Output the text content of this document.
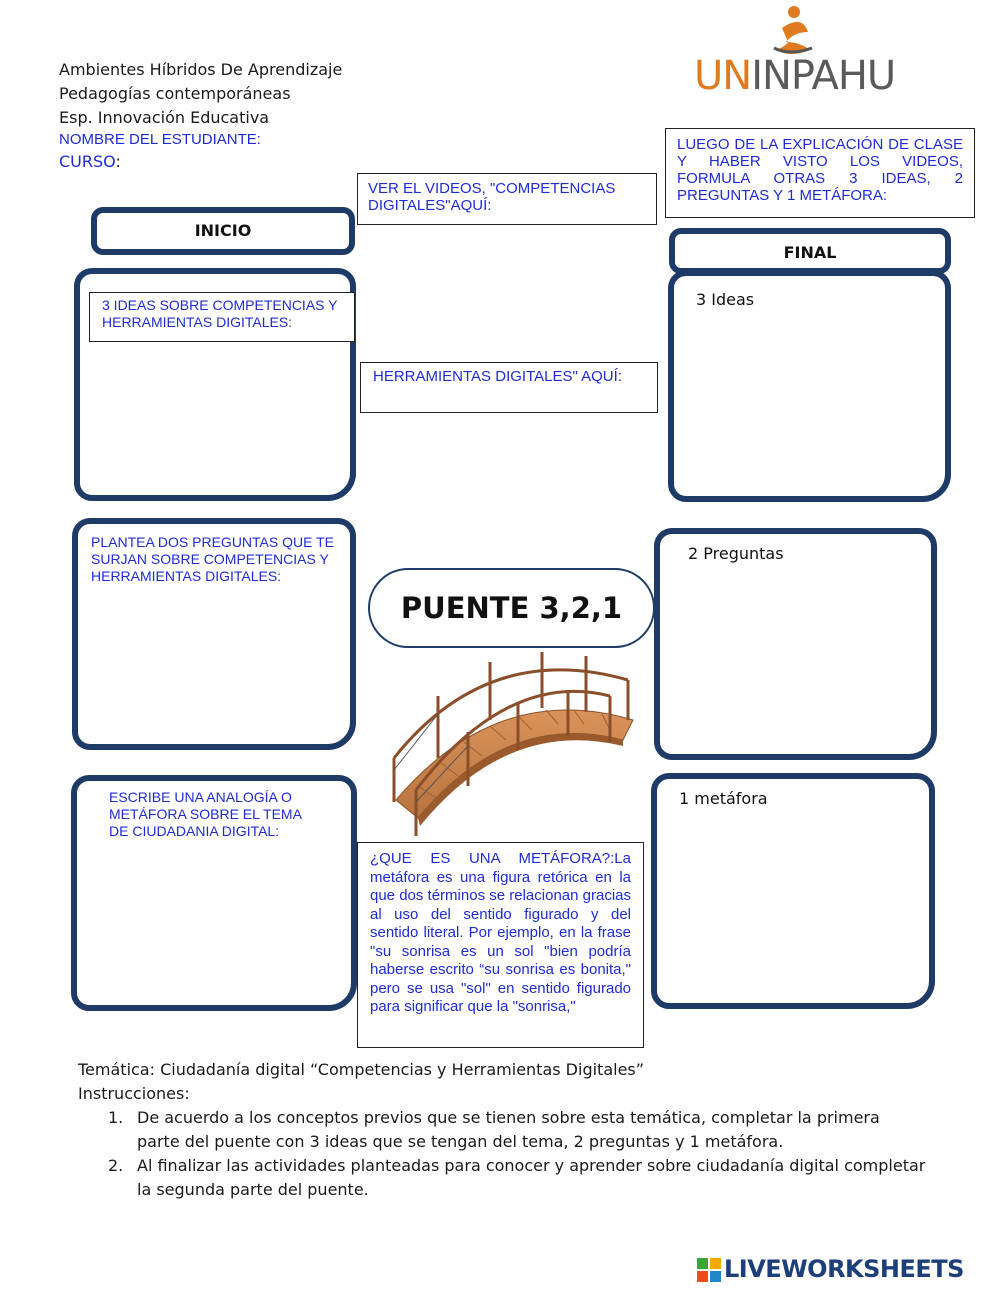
Ambientes Híbridos De Aprendizaje
Pedagogías contemporáneas
Esp. Innovación Educativa
NOMBRE DEL ESTUDIANTE:
CURSO:
UNINPAHU
VER EL VIDEOS, "COMPETENCIAS DIGITALES"AQUÍ:
LUEGO DE LA EXPLICACIÓN DE CLASE Y HABER VISTO LOS VIDEOS, FORMULA OTRAS 3 IDEAS, 2 PREGUNTAS Y 1 METÁFORA:
INICIO
FINAL
3 IDEAS SOBRE COMPETENCIAS Y HERRAMIENTAS DIGITALES:
HERRAMIENTAS DIGITALES" AQUÍ:
3 Ideas
PLANTEA DOS PREGUNTAS QUE TE SURJAN SOBRE COMPETENCIAS Y HERRAMIENTAS DIGITALES:
2 Preguntas
PUENTE 3,2,1
ESCRIBE UNA ANALOGÍA O METÁFORA SOBRE EL TEMA DE CIUDADANIA DIGITAL:
1 metáfora
¿QUE ES UNA METÁFORA?:La metáfora es una figura retórica en la que dos términos se relacionan gracias al uso del sentido figurado y del sentido literal. Por ejemplo, en la frase "su sonrisa es un sol "bien podría haberse escrito “su sonrisa es bonita," pero se usa "sol" en sentido figurado para significar que la "sonrisa,"
Temática: Ciudadanía digital “Competencias y Herramientas Digitales”
Instrucciones:
1. De acuerdo a los conceptos previos que se tienen sobre esta temática, completar la primera parte del puente con 3 ideas que se tengan del tema, 2 preguntas y 1 metáfora.
2. Al finalizar las actividades planteadas para conocer y aprender sobre ciudadanía digital completar la segunda parte del puente.
LIVEWORKSHEETS
